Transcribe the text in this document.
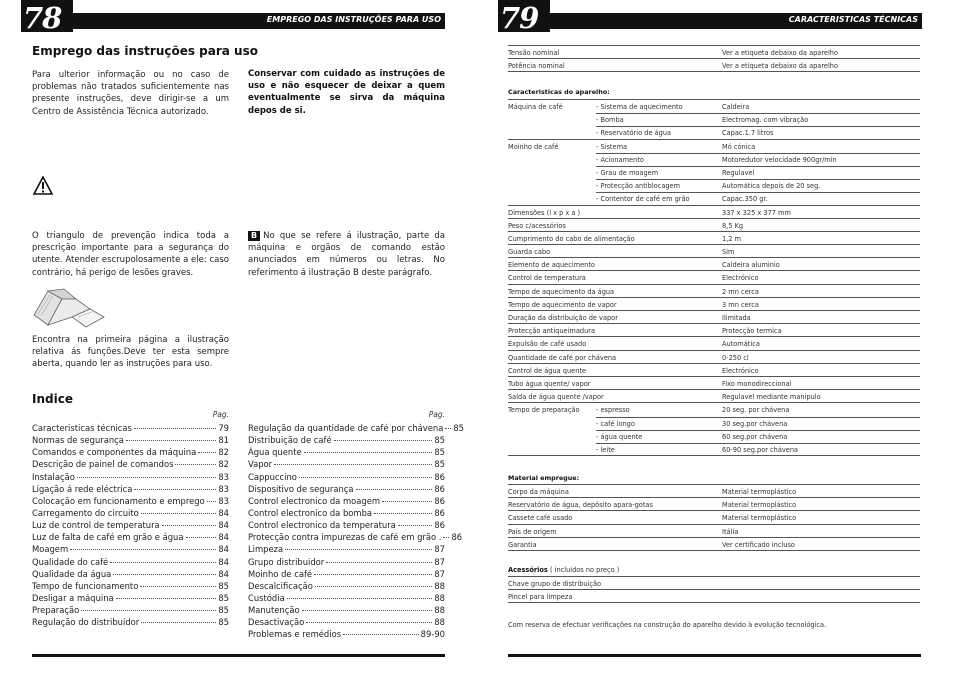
78	EMPREGO DAS INSTRUÇÕES PARA USO
Emprego das instruções para uso
Para ulterior informação ou no caso de problemas não tratados suficientemente nas presente instruções, deve dirigir-se a um Centro de Assistência Técnica autorizado.
Conservar com cuidado as instruções de uso e não esquecer de deixar a quem eventualmente se sirva da máquina depos de si.
O triangulo de prevenção indica toda a prescrição importante para a segurança do utente. Atender escrupolosamente a ele: caso contrário, há perigo de lesões graves.
B No que se refere á ilustração, parte da máquina e orgãos de comando estão anunciados em números ou letras. No referimento á ilustração B deste parágrafo.
Encontra na primeira página a ilustração relativa ás funções.Deve ter esta sempre aberta, quando ler as instruções para uso.
Indice
Pag.
Caracteristicas técnicas	79
Normas de segurança	81
Comandos e componentes da máquina	82
Descrição de painel de comandos	82
Instalação	83
Ligação á rede eléctrica	83
Colocação em funcionamento e emprego 83
Carregamento do circuito	84
Luz de control de temperatura	84
Luz de falta de café em grão e água	84
Moagem	84
Qualidade do café	84
Qualidade da água	84
Tempo de funcionamento	85
Desligar a máquina	85
Preparação	85
Regulação do distribuidor	85
Pag.
Regulação da quantidade de café por chávena 85
Distribuição de café	85
Água quente	85
Vapor	85
Cappuccino	86
Dispositivo de segurança	86
Control electronico da moagem	86
Control electronico da bomba	86
Control electronico da temperatura	86
Protecção contra impurezas de café em grão . 86
Limpeza	87
Grupo distribuidor	87
Moinho de café	87
Descalcificação	88
Custódia	88
Manutenção	88
Desactivação	88
Problemas e remédios	89-90
79	CARACTERISTICAS TÉCNICAS
Tensão nominal	Ver a etiqueta debaixo da aparelho
Potência nominal	Ver a etiqueta debaixo da aparelho
Caracteristicas do aparelho:
Máquina de café	- Sistema de aquecimento	Caldeira
- Bomba	Electromag. com vibração
- Reservatório de água	Capac.1.7 litros
Moinho de café	- Sistema	Mó cónica
- Acionamento	Motoredutor velocidade 900gr/min
- Grau de moagem	Regulavel
- Protecção antiblocagem	Automática depois de 20 seg.
- Contentor de café em grão	Capac.350 gr.
Dimensões (l x p x a )	337 x 325 x 377 mm
Peso c/acessórios	8,5 Kg
Cumprimento do cabo de alimentação	1,2 m
Guarda cabo	Sim
Elemento de aquecimento	Caldeira aluminio
Control de temperatura	Electrónico
Tempo de aquecimento da água	2 mn cerca
Tempo de aquecimento de vapor	3 mn cerca
Duração da distribuição de vapor	Ilimitada
Protecção antiqueimadura	Protecção termica
Expulsão de café usado	Automática
Quantidade de café por chávena	0-250 cl
Control de água quente	Electrónico
Tubo água quente/ vapor	Fixo monodireccional
Saída de água quente /vapor	Regulavel mediante manipulo
Tempo de preparação - espresso	20 seg. por chávena
- café longo	30 seg.por chávena
- água quente	60 seg.por chávena
- leite	60-90 seg.por chávena
Material empregue:
Corpo da máquina	Material termoplástico
Reservatório de água, depósito apara-gotas	Material termoplástico
Cassete café usado	Material termoplástico
País de origem	Itália
Garantia	Ver certificado incluso
Acessórios ( incluidos no preço )
Chave grupo de distribuição
Pincel para limpeza
Com reserva de efectuar verificações na construção do aparelho devido à evolução tecnológica.
